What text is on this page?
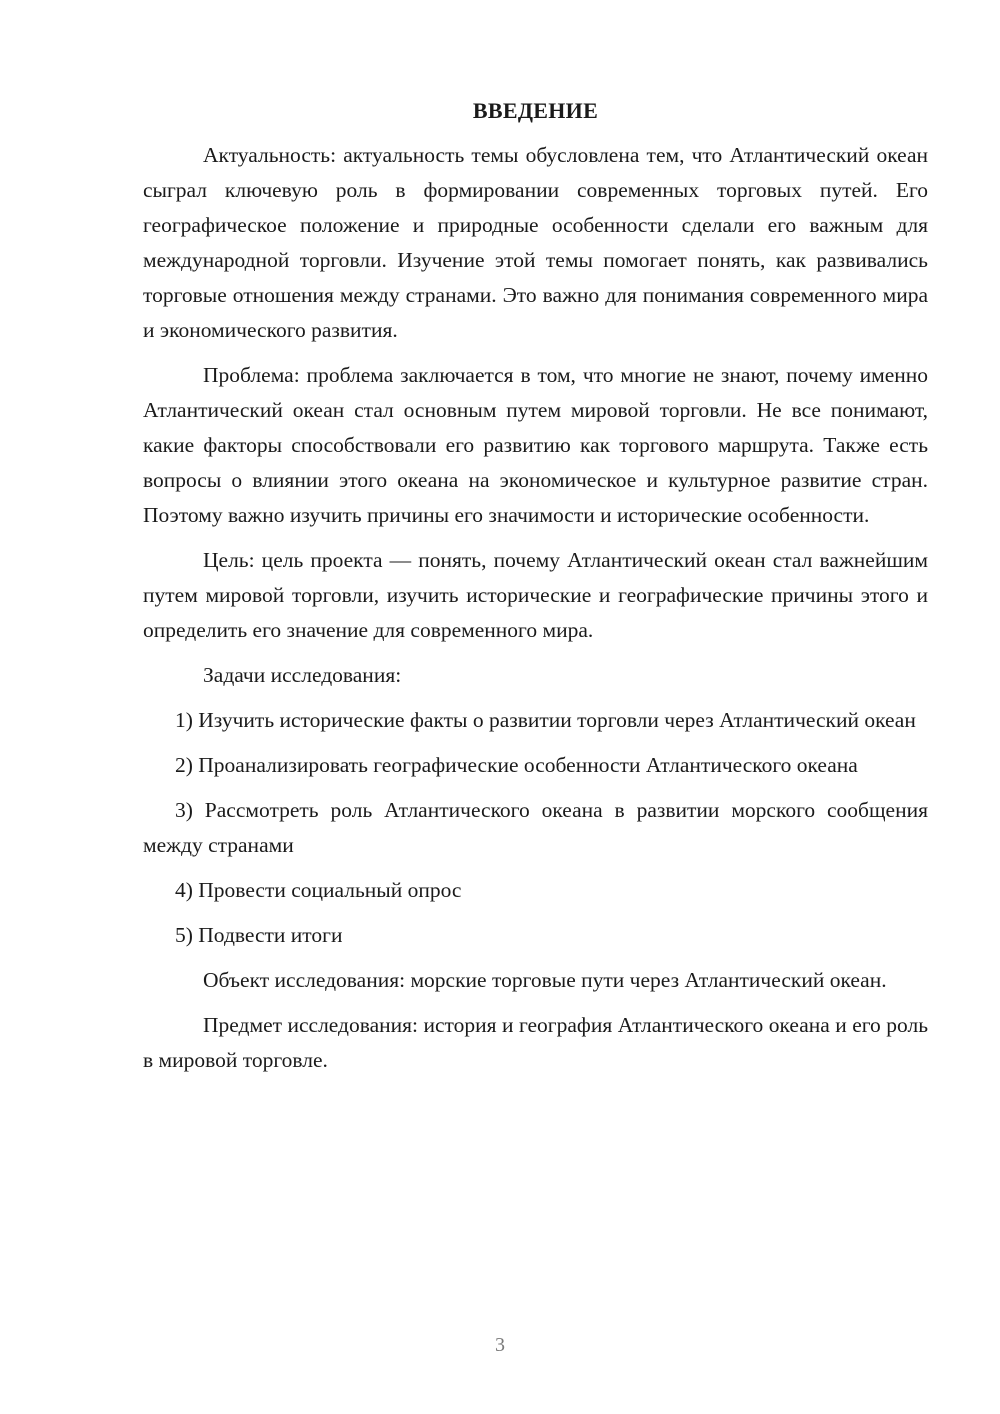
ВВЕДЕНИЕ

Актуальность: актуальность темы обусловлена тем, что Атлантический океан сыграл ключевую роль в формировании современных торговых путей. Его географическое положение и природные особенности сделали его важным для международной торговли. Изучение этой темы помогает понять, как развивались торговые отношения между странами. Это важно для понимания современного мира и экономического развития.

Проблема: проблема заключается в том, что многие не знают, почему именно Атлантический океан стал основным путем мировой торговли. Не все понимают, какие факторы способствовали его развитию как торгового маршрута. Также есть вопросы о влиянии этого океана на экономическое и культурное развитие стран. Поэтому важно изучить причины его значимости и исторические особенности.

Цель: цель проекта — понять, почему Атлантический океан стал важнейшим путем мировой торговли, изучить исторические и географические причины этого и определить его значение для современного мира.

Задачи исследования:

1) Изучить исторические факты о развитии торговли через Атлантический океан

2) Проанализировать географические особенности Атлантического океана

3) Рассмотреть роль Атлантического океана в развитии морского сообщения между странами

4) Провести социальный опрос

5) Подвести итоги

Объект исследования: морские торговые пути через Атлантический океан.

Предмет исследования: история и география Атлантического океана и его роль в мировой торговле.

3
